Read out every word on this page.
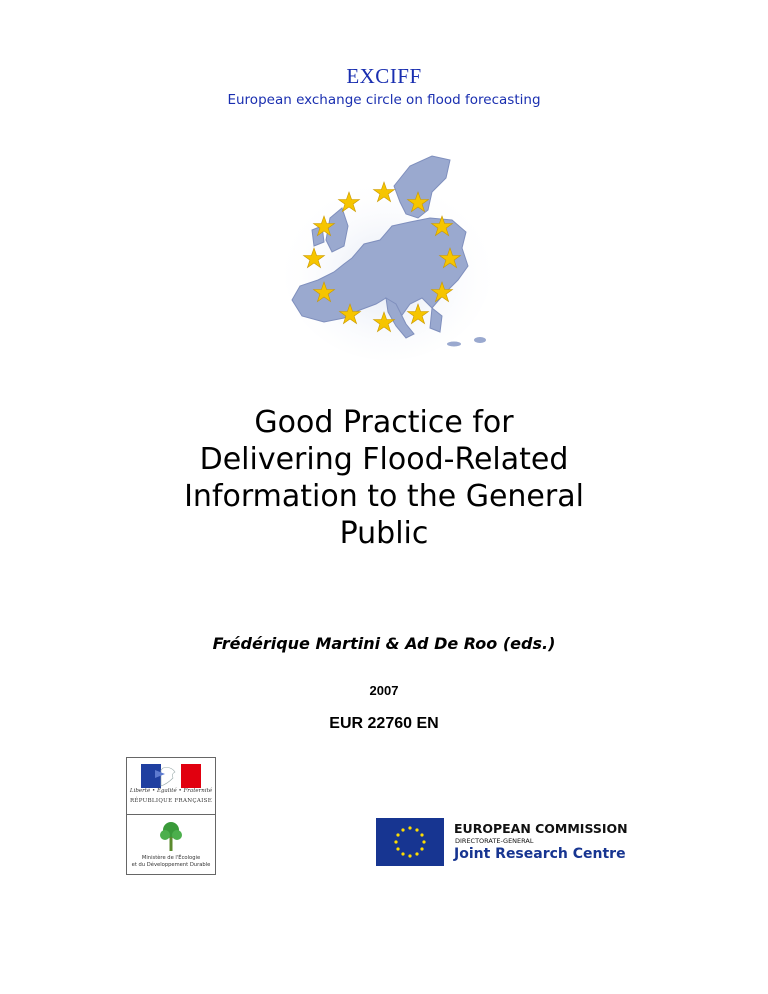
EXCIFF
European exchange circle on flood forecasting
Good Practice for
Delivering Flood-Related
Information to the General
Public
Frédérique Martini & Ad De Roo (eds.)
2007
EUR 22760 EN
Liberté • Égalité • Fraternité
RÉPUBLIQUE FRANÇAISE
Ministère de l'Écologie
et du Développement Durable
EUROPEAN COMMISSION
DIRECTORATE-GENERAL
Joint Research Centre
